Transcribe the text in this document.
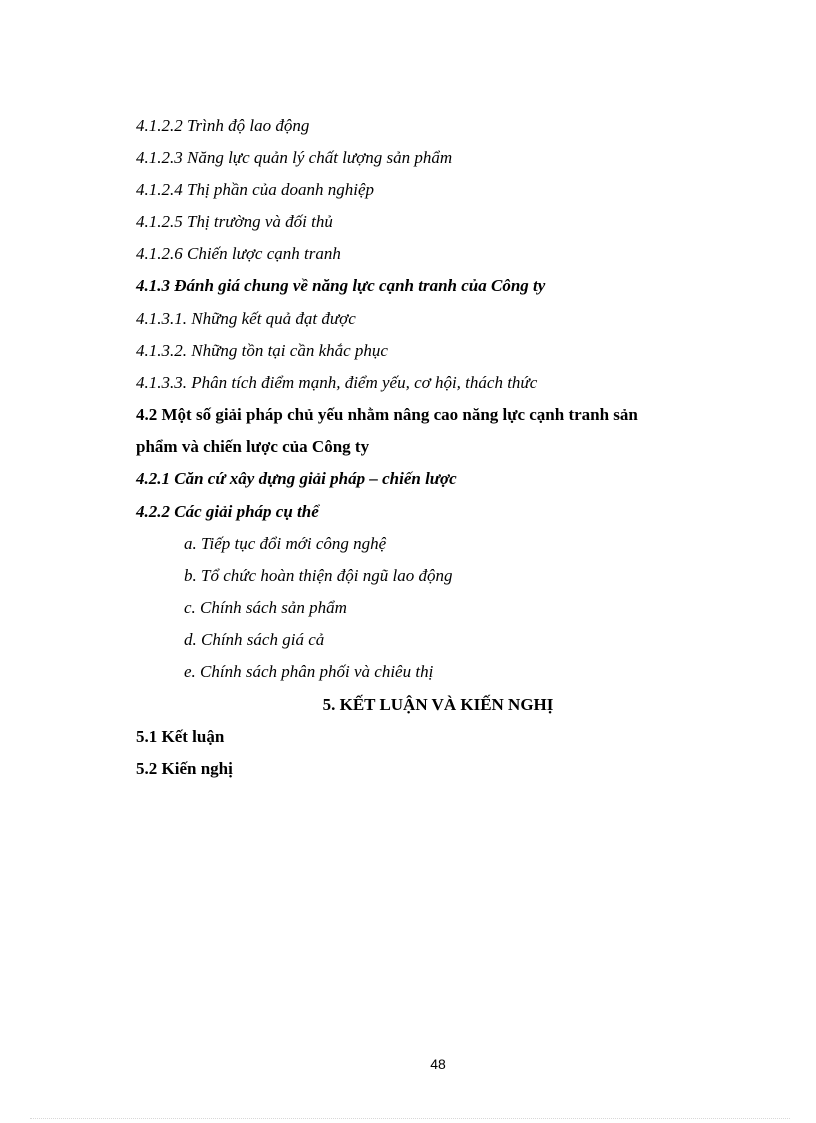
4.1.2.2 Trình độ lao động
4.1.2.3 Năng lực quản lý chất lượng sản phẩm
4.1.2.4 Thị phần của doanh nghiệp
4.1.2.5 Thị trường và đối thủ
4.1.2.6 Chiến lược cạnh tranh
4.1.3 Đánh giá chung về năng lực cạnh tranh của Công ty
4.1.3.1. Những kết quả đạt được
4.1.3.2. Những tồn tại cần khắc phục
4.1.3.3. Phân tích điểm mạnh, điểm yếu, cơ hội, thách thức
4.2 Một số giải pháp chủ yếu nhằm nâng cao năng lực cạnh tranh sản
phẩm và chiến lược của Công ty
4.2.1 Căn cứ xây dựng giải pháp – chiến lược
4.2.2 Các giải pháp cụ thể
a. Tiếp tục đổi mới công nghệ
b. Tổ chức hoàn thiện đội ngũ lao động
c. Chính sách sản phẩm
d. Chính sách giá cả
e. Chính sách phân phối và chiêu thị
5. KẾT LUẬN VÀ KIẾN NGHỊ
5.1 Kết luận
5.2 Kiến nghị
48
